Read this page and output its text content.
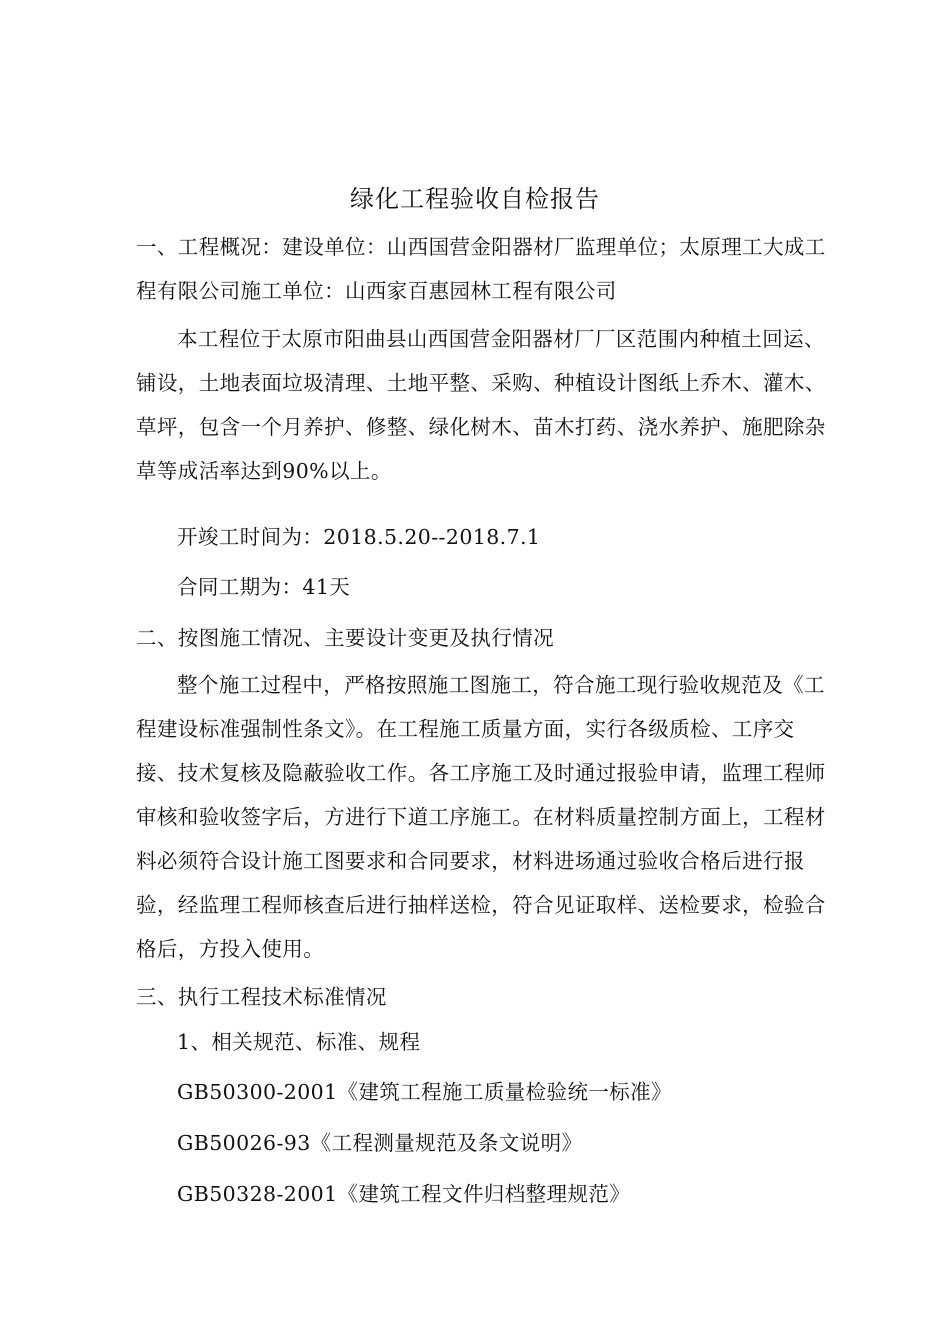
绿化工程验收自检报告
一、工程概况：建设单位：山西国营金阳器材厂监理单位；太原理工大成工程有限公司施工单位：山西家百惠园林工程有限公司
本工程位于太原市阳曲县山西国营金阳器材厂厂区范围内种植土回运、铺设，土地表面垃圾清理、土地平整、采购、种植设计图纸上乔木、灌木、草坪，包含一个月养护、修整、绿化树木、苗木打药、浇水养护、施肥除杂草等成活率达到90%以上。
开竣工时间为：2018.5.20--2018.7.1
合同工期为：41天
二、按图施工情况、主要设计变更及执行情况
整个施工过程中，严格按照施工图施工，符合施工现行验收规范及《工程建设标准强制性条文》。在工程施工质量方面，实行各级质检、工序交接、技术复核及隐蔽验收工作。各工序施工及时通过报验申请，监理工程师审核和验收签字后，方进行下道工序施工。在材料质量控制方面上，工程材料必须符合设计施工图要求和合同要求，材料进场通过验收合格后进行报验，经监理工程师核查后进行抽样送检，符合见证取样、送检要求，检验合格后，方投入使用。
三、执行工程技术标准情况
1、相关规范、标准、规程
GB50300-2001《建筑工程施工质量检验统一标准》
GB50026-93《工程测量规范及条文说明》
GB50328-2001《建筑工程文件归档整理规范》
